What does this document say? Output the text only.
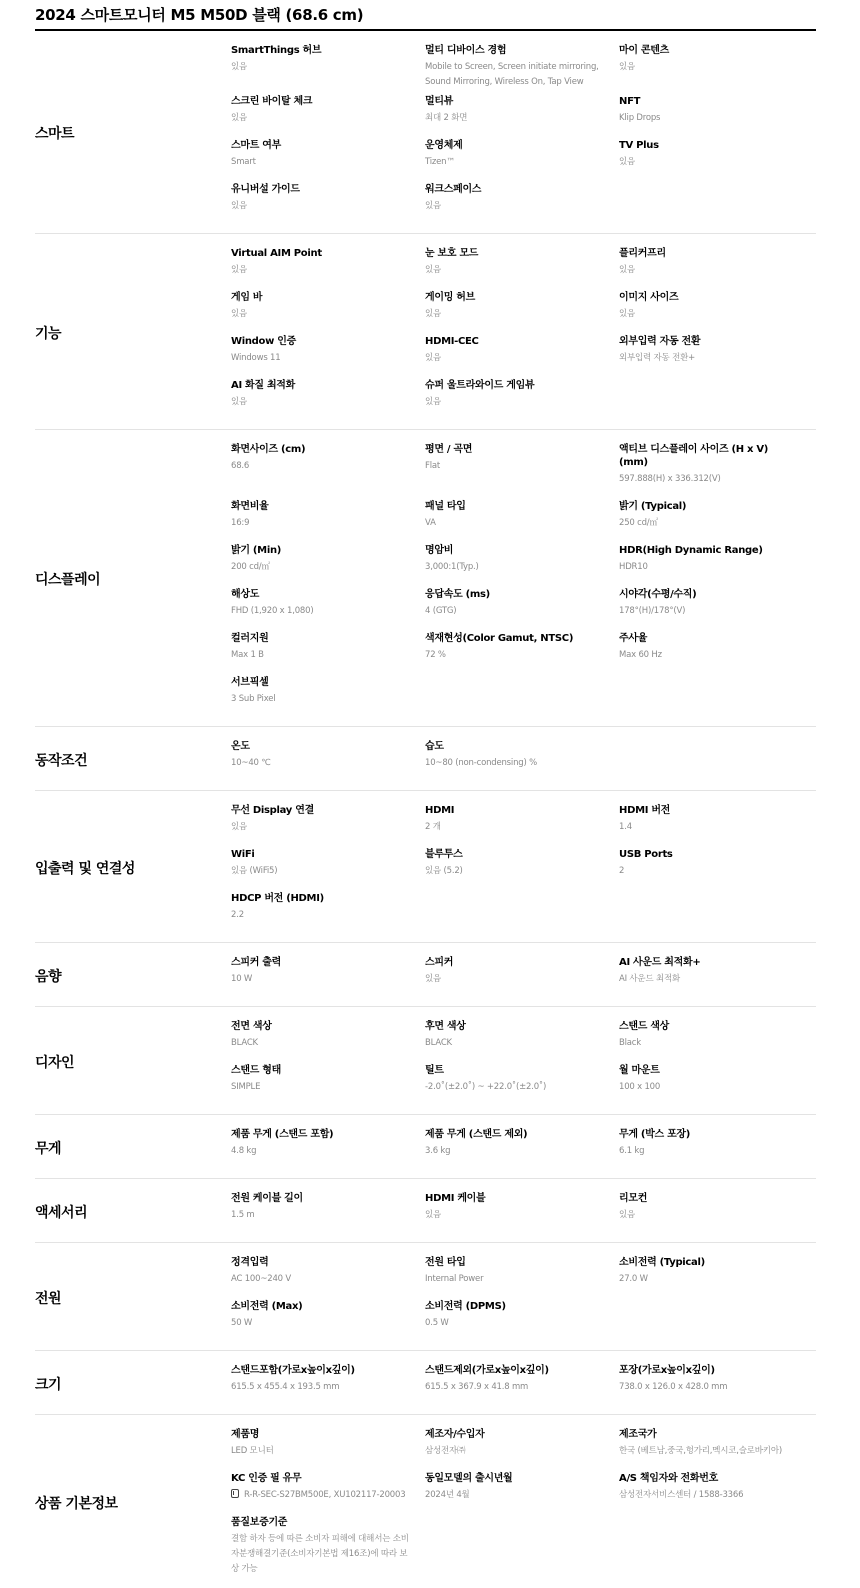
2024 스마트모니터 M5 M50D 블랙 (68.6 cm)
스마트
SmartThings 허브
있음
멀티 디바이스 경험
Mobile to Screen, Screen initiate mirroring, Sound Mirroring, Wireless On, Tap View
마이 콘텐츠
있음
스크린 바이탈 체크
있음
멀티뷰
최대 2 화면
NFT
Klip Drops
스마트 여부
Smart
운영체제
Tizen™
TV Plus
있음
유니버설 가이드
있음
워크스페이스
있음
기능
Virtual AIM Point
있음
눈 보호 모드
있음
플리커프리
있음
게임 바
있음
게이밍 허브
있음
이미지 사이즈
있음
Window 인증
Windows 11
HDMI-CEC
있음
외부입력 자동 전환
외부입력 자동 전환+
AI 화질 최적화
있음
슈퍼 울트라와이드 게임뷰
있음
디스플레이
화면사이즈 (cm)
68.6
평면 / 곡면
Flat
액티브 디스플레이 사이즈 (H x V) (mm)
597.888(H) x 336.312(V)
화면비율
16:9
패널 타입
VA
밝기 (Typical)
250 cd/㎡
밝기 (Min)
200 cd/㎡
명암비
3,000:1(Typ.)
HDR(High Dynamic Range)
HDR10
해상도
FHD (1,920 x 1,080)
응답속도 (ms)
4 (GTG)
시야각(수평/수직)
178°(H)/178°(V)
컬러지원
Max 1 B
색재현성(Color Gamut, NTSC)
72 %
주사율
Max 60 Hz
서브픽셀
3 Sub Pixel
동작조건
온도
10~40 ℃
습도
10~80 (non-condensing) %
입출력 및 연결성
무선 Display 연결
있음
HDMI
2 개
HDMI 버전
1.4
WiFi
있음 (WiFi5)
블루투스
있음 (5.2)
USB Ports
2
HDCP 버전 (HDMI)
2.2
음향
스피커 출력
10 W
스피커
있음
AI 사운드 최적화+
AI 사운드 최적화
디자인
전면 색상
BLACK
후면 색상
BLACK
스탠드 색상
Black
스탠드 형태
SIMPLE
틸트
-2.0˚(±2.0˚) ~ +22.0˚(±2.0˚)
월 마운트
100 x 100
무게
제품 무게 (스탠드 포함)
4.8 kg
제품 무게 (스탠드 제외)
3.6 kg
무게 (박스 포장)
6.1 kg
액세서리
전원 케이블 길이
1.5 m
HDMI 케이블
있음
리모컨
있음
전원
정격입력
AC 100~240 V
전원 타입
Internal Power
소비전력 (Typical)
27.0 W
소비전력 (Max)
50 W
소비전력 (DPMS)
0.5 W
크기
스탠드포함(가로x높이x깊이)
615.5 x 455.4 x 193.5 mm
스탠드제외(가로x높이x깊이)
615.5 x 367.9 x 41.8 mm
포장(가로x높이x깊이)
738.0 x 126.0 x 428.0 mm
상품 기본정보
제품명
LED 모니터
제조자/수입자
삼성전자㈜
제조국가
한국 (베트남,중국,헝가리,멕시코,슬로바키아)
KC 인증 필 유무
R-R-SEC-S27BM500E, XU102117-20003
동일모델의 출시년월
2024년 4월
A/S 책임자와 전화번호
삼성전자서비스센터 / 1588-3366
품질보증기준
결함 하자 등에 따른 소비자 피해에 대해서는 소비자분쟁해결기준(소비자기본법 제16조)에 따라 보상 가능
